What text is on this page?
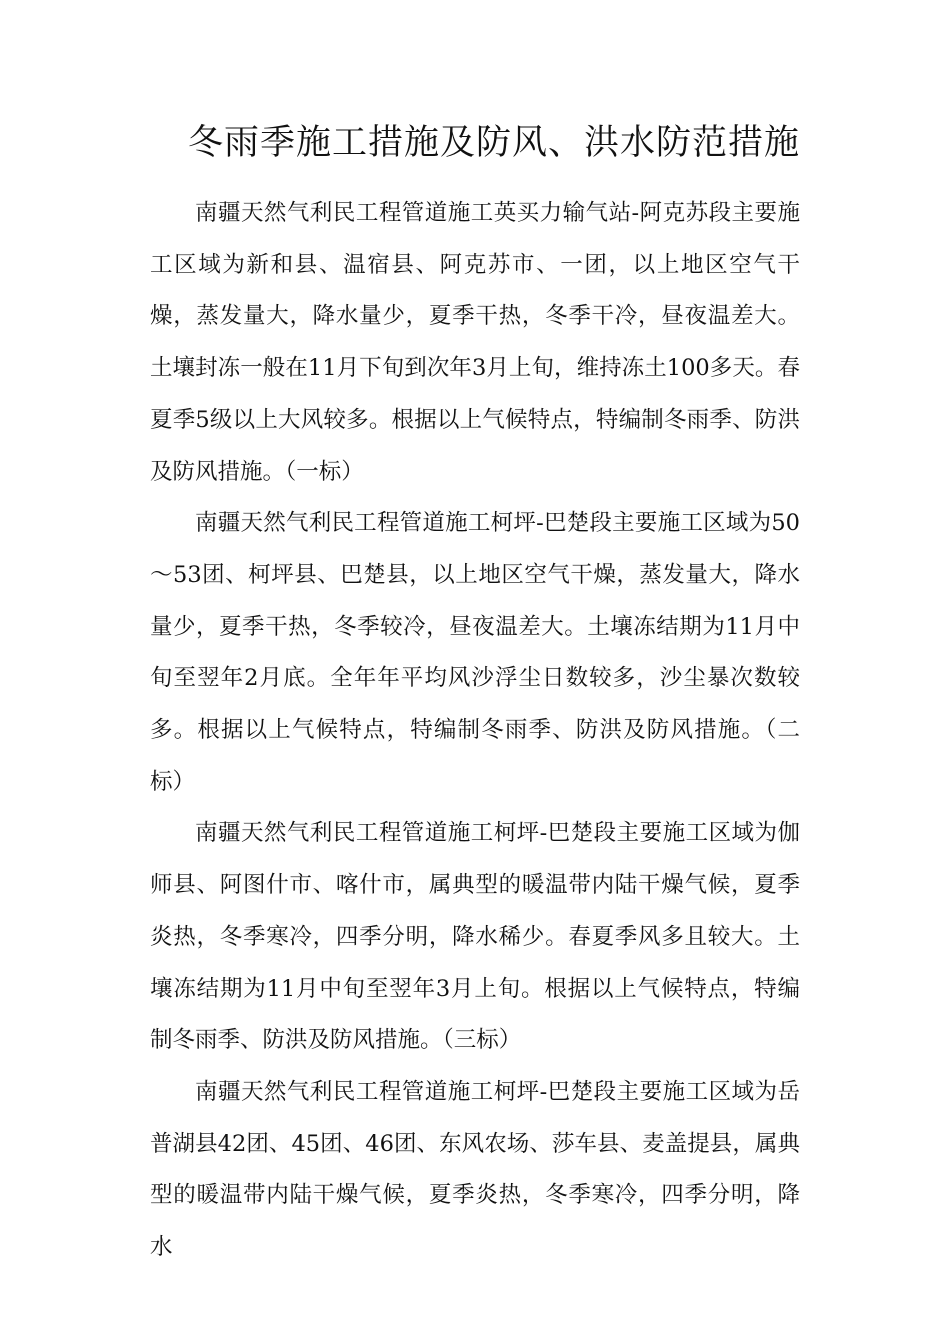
冬雨季施工措施及防风、洪水防范措施

南疆天然气利民工程管道施工英买力输气站-阿克苏段主要施工区域为新和县、温宿县、阿克苏市、一团，以上地区空气干燥，蒸发量大，降水量少，夏季干热，冬季干冷，昼夜温差大。土壤封冻一般在11月下旬到次年3月上旬，维持冻土100多天。春夏季5级以上大风较多。根据以上气候特点，特编制冬雨季、防洪及防风措施。（一标）

南疆天然气利民工程管道施工柯坪-巴楚段主要施工区域为50～53团、柯坪县、巴楚县，以上地区空气干燥，蒸发量大，降水量少，夏季干热，冬季较冷，昼夜温差大。土壤冻结期为11月中旬至翌年2月底。全年年平均风沙浮尘日数较多，沙尘暴次数较多。根据以上气候特点，特编制冬雨季、防洪及防风措施。（二标）

南疆天然气利民工程管道施工柯坪-巴楚段主要施工区域为伽师县、阿图什市、喀什市，属典型的暖温带内陆干燥气候，夏季炎热，冬季寒冷，四季分明，降水稀少。春夏季风多且较大。土壤冻结期为11月中旬至翌年3月上旬。根据以上气候特点，特编制冬雨季、防洪及防风措施。（三标）

南疆天然气利民工程管道施工柯坪-巴楚段主要施工区域为岳普湖县42团、45团、46团、东风农场、莎车县、麦盖提县，属典型的暖温带内陆干燥气候，夏季炎热，冬季寒冷，四季分明，降水
